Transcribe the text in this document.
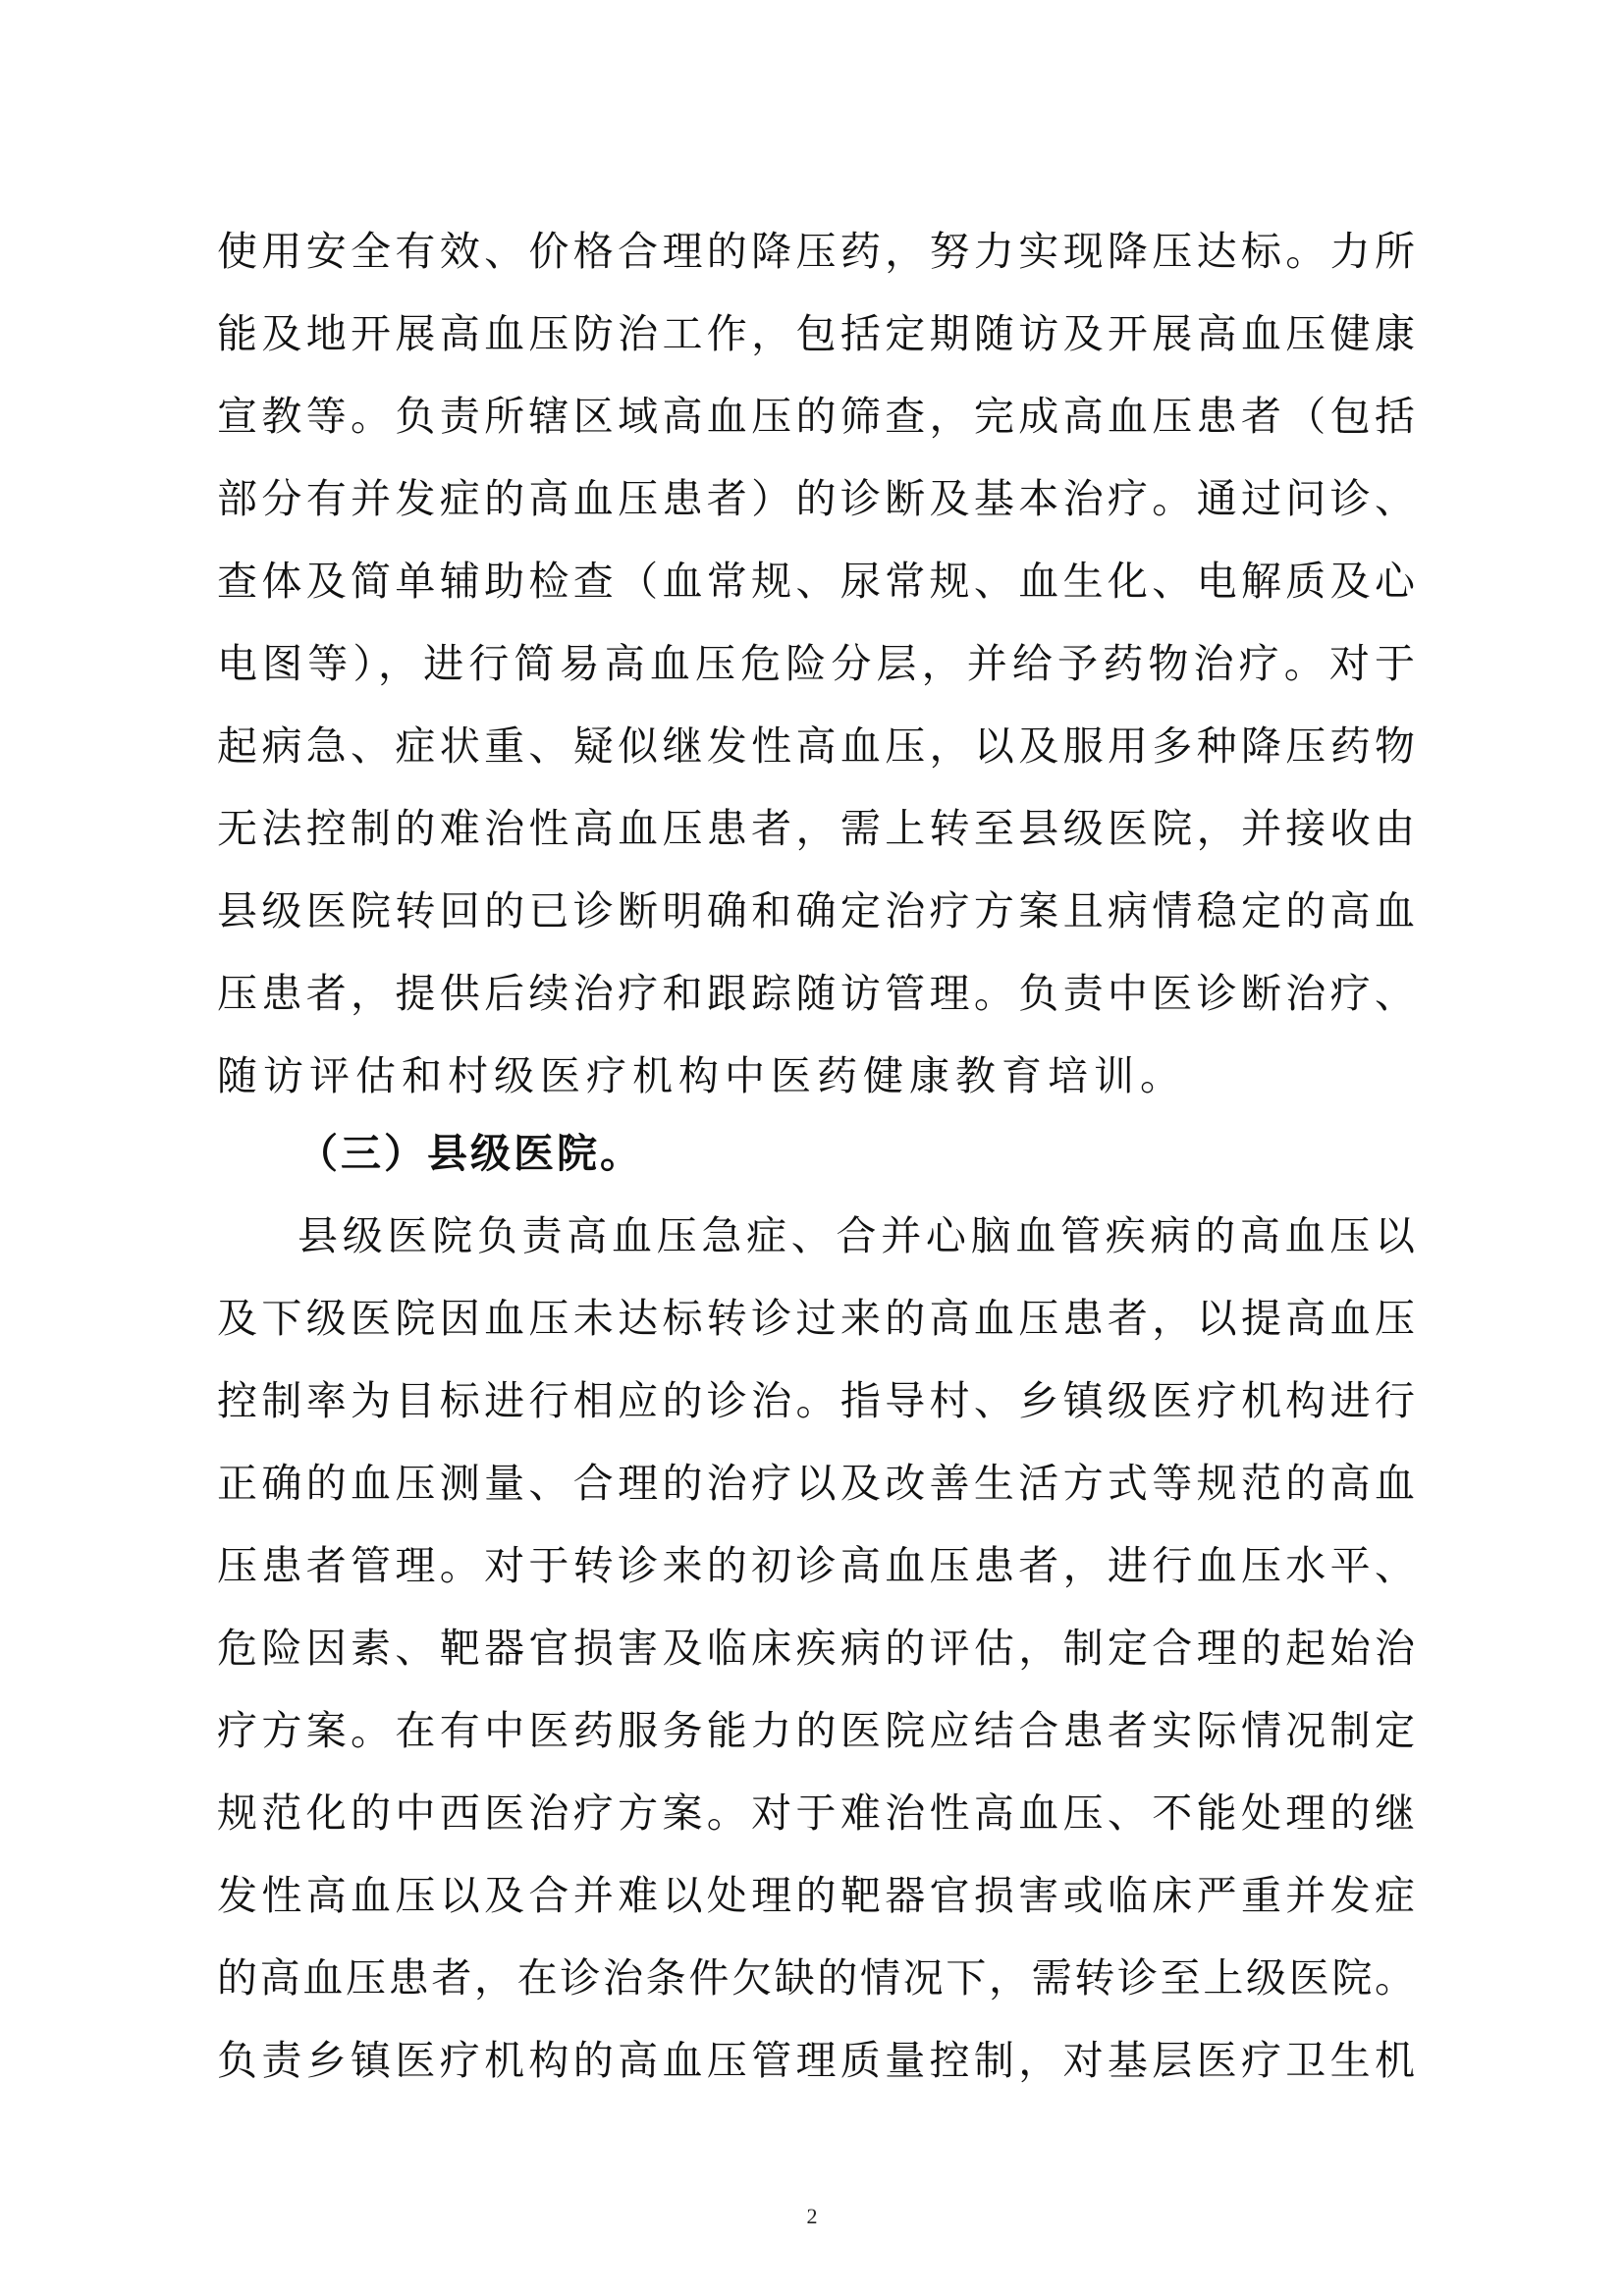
使用安全有效、价格合理的降压药，努力实现降压达标。力所
能及地开展高血压防治工作，包括定期随访及开展高血压健康
宣教等。负责所辖区域高血压的筛查，完成高血压患者（包括
部分有并发症的高血压患者）的诊断及基本治疗。通过问诊、
查体及简单辅助检查（血常规、尿常规、血生化、电解质及心
电图等），进行简易高血压危险分层，并给予药物治疗。对于
起病急、症状重、疑似继发性高血压，以及服用多种降压药物
无法控制的难治性高血压患者，需上转至县级医院，并接收由
县级医院转回的已诊断明确和确定治疗方案且病情稳定的高血
压患者，提供后续治疗和跟踪随访管理。负责中医诊断治疗、
随访评估和村级医疗机构中医药健康教育培训。
（三）县级医院。
县级医院负责高血压急症、合并心脑血管疾病的高血压以
及下级医院因血压未达标转诊过来的高血压患者，以提高血压
控制率为目标进行相应的诊治。指导村、乡镇级医疗机构进行
正确的血压测量、合理的治疗以及改善生活方式等规范的高血
压患者管理。对于转诊来的初诊高血压患者，进行血压水平、
危险因素、靶器官损害及临床疾病的评估，制定合理的起始治
疗方案。在有中医药服务能力的医院应结合患者实际情况制定
规范化的中西医治疗方案。对于难治性高血压、不能处理的继
发性高血压以及合并难以处理的靶器官损害或临床严重并发症
的高血压患者，在诊治条件欠缺的情况下，需转诊至上级医院。
负责乡镇医疗机构的高血压管理质量控制，对基层医疗卫生机
2
